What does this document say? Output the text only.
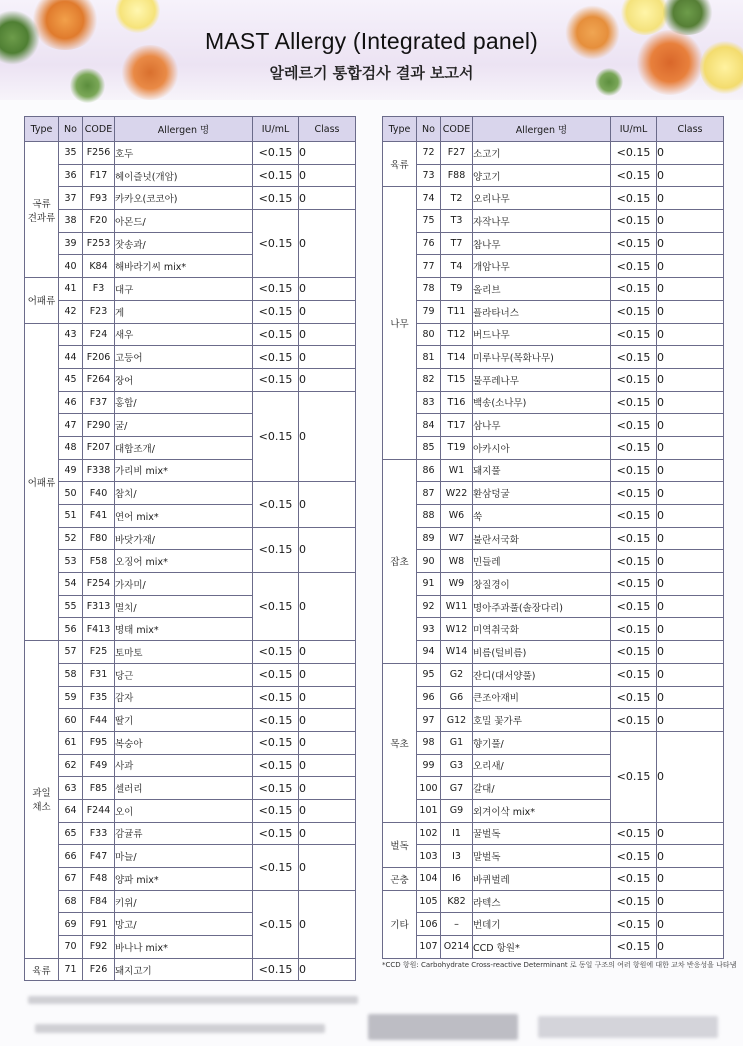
MAST Allergy (Integrated panel)
알레르기 통합검사 결과 보고서
Type	No	CODE	Allergen 명	IU/mL	Class
곡류
견과류	35	F256	호두	<0.15	0
	36	F17	헤이즐넛(개암)	<0.15	0
	37	F93	카카오(코코아)	<0.15	0
	38	F20	아몬드/	<0.15	0
	39	F253	잣송과/		
	40	K84	해바라기씨 mix*		
어패류	41	F3	대구	<0.15	0
	42	F23	게	<0.15	0
어패류	43	F24	새우	<0.15	0
	44	F206	고등어	<0.15	0
	45	F264	장어	<0.15	0
	46	F37	홍합/	<0.15	0
	47	F290	굴/		
	48	F207	대합조개/		
	49	F338	가리비 mix*		
	50	F40	참치/	<0.15	0
	51	F41	연어 mix*		
	52	F80	바닷가재/	<0.15	0
	53	F58	오징어 mix*		
	54	F254	가자미/	<0.15	0
	55	F313	멸치/		
	56	F413	명태 mix*		
과일
채소	57	F25	토마토	<0.15	0
	58	F31	당근	<0.15	0
	59	F35	감자	<0.15	0
	60	F44	딸기	<0.15	0
	61	F95	복숭아	<0.15	0
	62	F49	사과	<0.15	0
	63	F85	셀러리	<0.15	0
	64	F244	오이	<0.15	0
	65	F33	감귤류	<0.15	0
	66	F47	마늘/	<0.15	0
	67	F48	양파 mix*		
	68	F84	키위/	<0.15	0
	69	F91	망고/		
	70	F92	바나나 mix*		
육류	71	F26	돼지고기	<0.15	0
Type	No	CODE	Allergen 명	IU/mL	Class
육류	72	F27	소고기	<0.15	0
	73	F88	양고기	<0.15	0
나무	74	T2	오리나무	<0.15	0
	75	T3	자작나무	<0.15	0
	76	T7	참나무	<0.15	0
	77	T4	개암나무	<0.15	0
	78	T9	올리브	<0.15	0
	79	T11	플라타너스	<0.15	0
	80	T12	버드나무	<0.15	0
	81	T14	미루나무(목화나무)	<0.15	0
	82	T15	물푸레나무	<0.15	0
	83	T16	백송(소나무)	<0.15	0
	84	T17	삼나무	<0.15	0
	85	T19	아카시아	<0.15	0
잡초	86	W1	돼지풀	<0.15	0
	87	W22	환삼덩굴	<0.15	0
	88	W6	쑥	<0.15	0
	89	W7	불란서국화	<0.15	0
	90	W8	민들레	<0.15	0
	91	W9	창질경이	<0.15	0
	92	W11	명아주과풀(솔장다리)	<0.15	0
	93	W12	미역취국화	<0.15	0
	94	W14	비름(털비름)	<0.15	0
목초	95	G2	잔디(대서양풀)	<0.15	0
	96	G6	큰조아재비	<0.15	0
	97	G12	호밀 꽃가루	<0.15	0
	98	G1	향기풀/	<0.15	0
	99	G3	오리새/		
	100	G7	갈대/		
	101	G9	외겨이삭 mix*		
벌독	102	I1	꿀벌독	<0.15	0
	103	I3	말벌독	<0.15	0
곤충	104	I6	바퀴벌레	<0.15	0
기타	105	K82	라텍스	<0.15	0
	106	–	번데기	<0.15	0
	107	O214	CCD 항원*	<0.15	0
*CCD 항원: Carbohydrate Cross-reactive Determinant 로 동일 구조의 여러 항원에 대한 교차 반응성을 나타냄
